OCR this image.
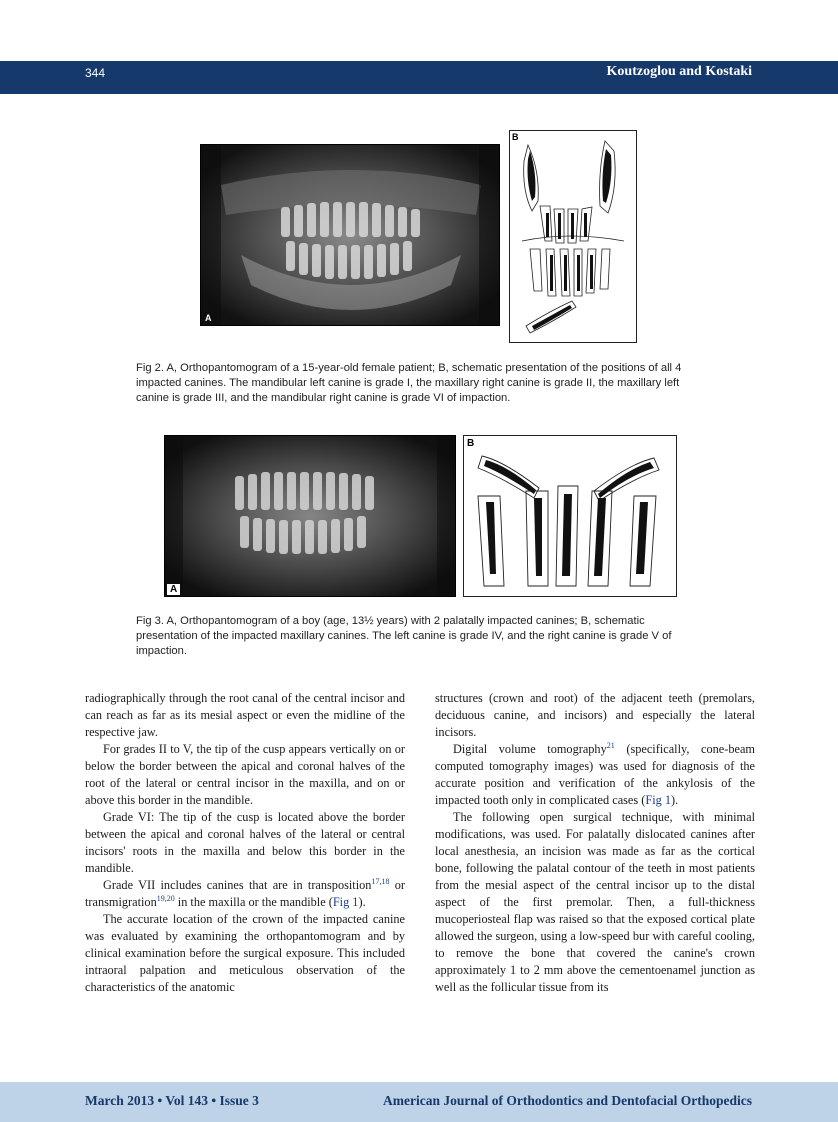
344	Koutzoglou and Kostaki
A
B
Fig 2. A, Orthopantomogram of a 15-year-old female patient; B, schematic presentation of the positions of all 4 impacted canines. The mandibular left canine is grade I, the maxillary right canine is grade II, the maxillary left canine is grade III, and the mandibular right canine is grade VI of impaction.
A
B
Fig 3. A, Orthopantomogram of a boy (age, 13½ years) with 2 palatally impacted canines; B, schematic presentation of the impacted maxillary canines. The left canine is grade IV, and the right canine is grade V of impaction.

radiographically through the root canal of the central incisor and can reach as far as its mesial aspect or even the midline of the respective jaw.

For grades II to V, the tip of the cusp appears vertically on or below the border between the apical and coronal halves of the root of the lateral or central incisor in the maxilla, and on or above this border in the mandible.

Grade VI: The tip of the cusp is located above the border between the apical and coronal halves of the lateral or central incisors' roots in the maxilla and below this border in the mandible.

Grade VII includes canines that are in transposition$^{17,18}$ or transmigration$^{19,20}$ in the maxilla or the mandible (Fig 1).

The accurate location of the crown of the impacted canine was evaluated by examining the orthopantomogram and by clinical examination before the surgical exposure. This included intraoral palpation and meticulous observation of the characteristics of the anatomic

structures (crown and root) of the adjacent teeth (premolars, deciduous canine, and incisors) and especially the lateral incisors.

Digital volume tomography$^{21}$ (specifically, cone-beam computed tomography images) was used for diagnosis of the accurate position and verification of the ankylosis of the impacted tooth only in complicated cases (Fig 1).

The following open surgical technique, with minimal modifications, was used. For palatally dislocated canines after local anesthesia, an incision was made as far as the cortical bone, following the palatal contour of the teeth in most patients from the mesial aspect of the central incisor up to the distal aspect of the first premolar. Then, a full-thickness mucoperiosteal flap was raised so that the exposed cortical plate allowed the surgeon, using a low-speed bur with careful cooling, to remove the bone that covered the canine's crown approximately 1 to 2 mm above the cementoenamel junction as well as the follicular tissue from its

March 2013 • Vol 143 • Issue 3	American Journal of Orthodontics and Dentofacial Orthopedics
